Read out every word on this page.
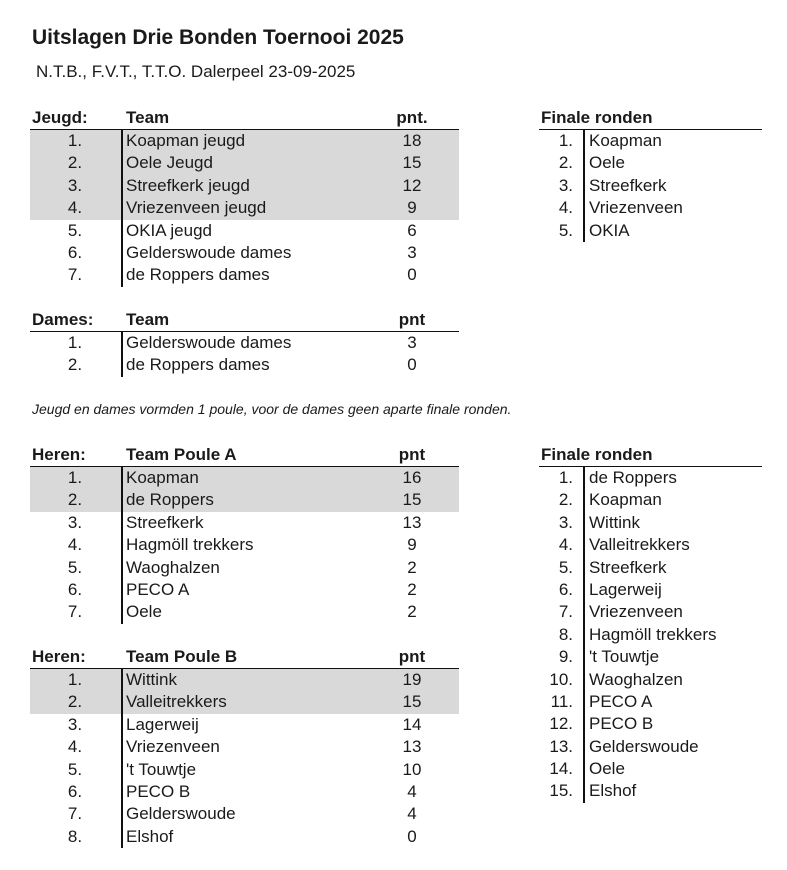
Uitslagen Drie Bonden Toernooi 2025
N.T.B., F.V.T., T.T.O. Dalerpeel 23-09-2025
Jeugd: Team	pnt.
1.	Koapman jeugd	18
2.	Oele Jeugd	15
3.	Streefkerk jeugd	12
4.	Vriezenveen jeugd	9
5.	OKIA jeugd	6
6.	Gelderswoude dames	3
7.	de Roppers dames	0
Dames: Team	pnt
1.	Gelderswoude dames	3
2.	de Roppers dames	0
Jeugd en dames vormden 1 poule, voor de dames geen aparte finale ronden.
Heren: Team Poule A	pnt
1.	Koapman	16
2.	de Roppers	15
3.	Streefkerk	13
4.	Hagmöll trekkers	9
5.	Waoghalzen	2
6.	PECO A	2
7.	Oele	2
Heren: Team Poule B	pnt
1.	Wittink	19
2.	Valleitrekkers	15
3.	Lagerweij	14
4.	Vriezenveen	13
5.	't Touwtje	10
6.	PECO B	4
7.	Gelderswoude	4
8.	Elshof	0
Finale ronden
1. Koapman
2. Oele
3. Streefkerk
4. Vriezenveen
5. OKIA
Finale ronden
1. de Roppers
2. Koapman
3. Wittink
4. Valleitrekkers
5. Streefkerk
6. Lagerweij
7. Vriezenveen
8. Hagmöll trekkers
9. 't Touwtje
10. Waoghalzen
11. PECO A
12. PECO B
13. Gelderswoude
14. Oele
15. Elshof
